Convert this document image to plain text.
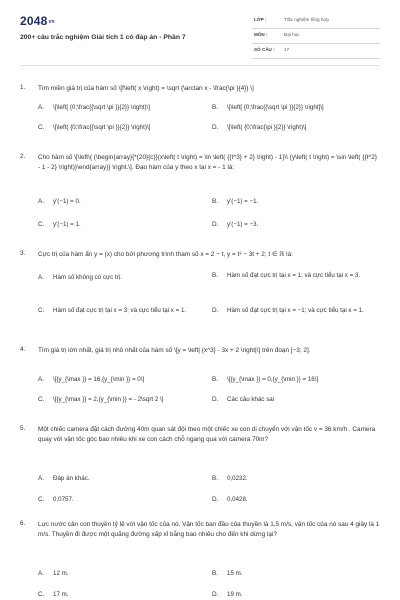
2048vn
200+ câu trắc nghiệm Giải tích 1 có đáp án - Phần 7
LỚP :	Trắc nghiệm tổng hợp
MÔN :	Đại học
SỐ CÂU : 17
1. Tìm miền giá trị của hàm số \[f\left( x \right) = \sqrt {\arctan x - \frac{\pi }{4}} \]
A. \[\left[ {0;\frac{{\sqrt \pi }}{2}} \right)\]	B. \[\left[ {0;\frac{{\sqrt \pi }}{2}} \right]\]
C. \[\left( {0;\frac{{\sqrt \pi }}{2}} \right)\]	D. \[\left( {0;\frac{\pi }{2}} \right)\]
2. Cho hàm số \[\left\{ {\begin{array}{*{20}{c}}{x\left( t \right) = \ln \left( {{t^3} + 2} \right) - 1}\\ {y\left( t \right) = \sin \left( {{t^2} - 1 - 2} \right)}\end{array}} \right.\]. Đạo hàm của y theo x tại x = - 1 là:
A. y'(−1) = 0.	B. y'(−1) = −1.
C. y'(−1) = 1.	D. y'(−1) = −3.
3. Cực trị của hàm ẩn y = (x) cho bởi phương trình tham số x = 2 − t, y = t³ − 3t + 2; t ∈ ℝ là:
A. Hàm số không có cực trị.	B. Hàm số đạt cực trị tại x = 1; và cực tiểu tại x = 3.
C. Hàm số đạt cực trị tại x = 3; và cực tiểu tại x = 1.	D. Hàm số đạt cực trị tại x = −1; và cực tiểu tại x = 1.
4. Tìm giá trị lớn nhất, giá trị nhỏ nhất của hàm số \[y = \left| {x^3} - 3x + 2 \right|\] trên đoạn [−3; 2].
A. \[{y_{\max }} = 16,{y_{\min }} = 0\]	B. \[{y_{\max }} = 0,{y_{\min }} = 16\]
C. \[{y_{\max }} = 2,{y_{\min }} = - 2\sqrt 2 \]	D. Các câu khác sai
5. Một chiếc camera đặt cách đường 40m quan sát đội theo một chiếc xe con di chuyển với vận tốc v = 36 km/h . Camera quay với vận tốc góc bao nhiêu khi xe con cách chỗ ngang qua với camera 70m?
A. Đáp án khác.	B. 0,0232.
C. 0,0757.	D. 0,0428.
6. Lực nước cản con thuyền tỷ lệ với vận tốc của nó. Vận tốc ban đầu của thuyền là 1,5 m/s, vận tốc của nó sau 4 giây là 1 m/s. Thuyền đi được một quãng đường xấp xỉ bằng bao nhiêu cho đến khi dừng lại?
A. 12 m.	B. 15 m.
C. 17 m.	D. 19 m.
